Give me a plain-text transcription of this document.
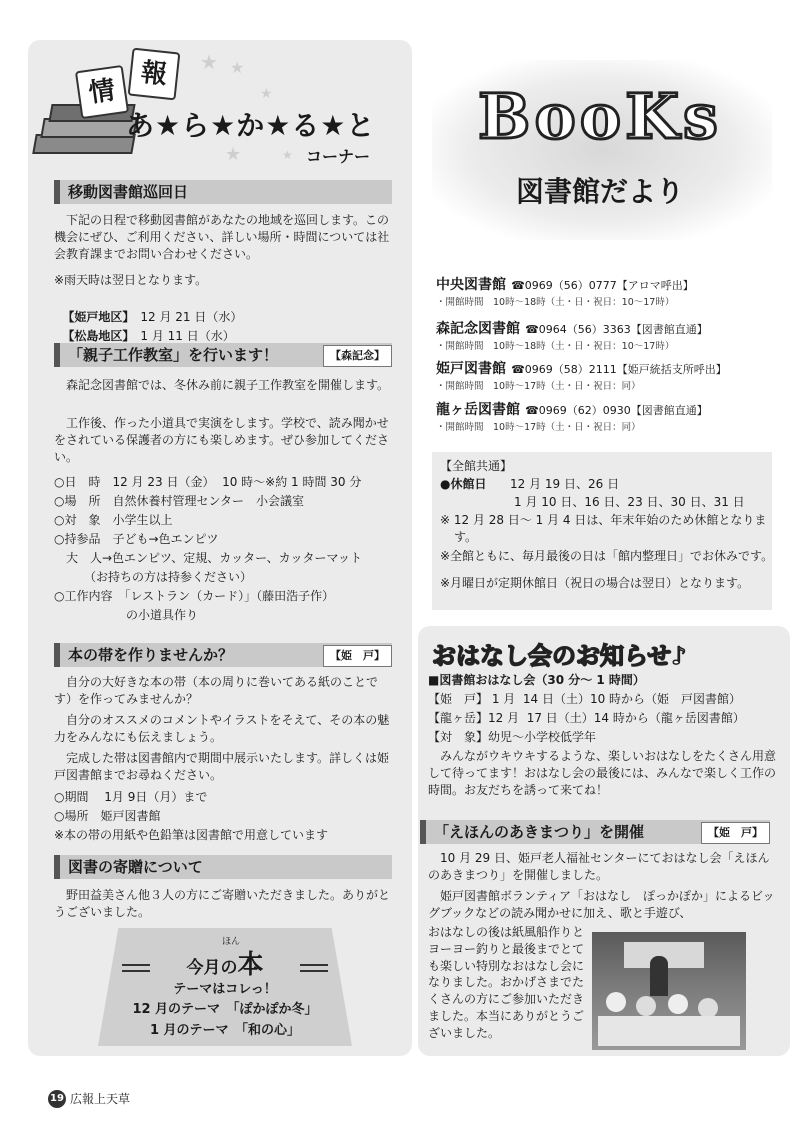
★ ★
★
★	★
情
報
あ★ら★か★る★と
コーナー
移動図書館巡回日
下記の日程で移動図書館があなたの地域を巡回します。この機会にぜひ、ご利用ください、詳しい場所・時間については社会教育課までお問い合わせください。
※雨天時は翌日となります。

【姫戸地区】　 12 月 21 日（水）

【松島地区】　 1 月 11 日（水）

「親子工作教室」を行います！	【森記念】
森記念図書館では、冬休み前に親子工作教室を開催します。
工作後、作った小道具で実演をします。学校で、読み聞かせをされている保護者の方にも楽しめます。ぜひ参加してください。
○日　時　12 月 23 日（金）  10 時〜※約 1 時間 30 分
○場　所　自然休養村管理センター　小会議室
○対　象　小学生以上
○持参品　子ども→色エンピツ
　大　人→色エンピツ、定規、カッター、カッターマット
　　　（お持ちの方は持参ください）
○工作内容　「レストラン（カード）」（藤田浩子作）
　　　　　　の小道具作り
本の帯を作りませんか？	【姫　戸】
自分の大好きな本の帯（本の周りに巻いてある紙のことです）を作ってみませんか？
自分のオススメのコメントやイラストをそえて、その本の魅力をみんなにも伝えましょう。
完成した帯は図書館内で期間中展示いたします。詳しくは姫戸図書館までお尋ねください。
○期間　 1月 9日（月）まで
○場所　姫戸図書館
※本の帯の用紙や色鉛筆は図書館で用意しています
図書の寄贈について
野田益美さん他３人の方にご寄贈いただきました。ありがとうございました。
ほん
今月の本
テーマはコレっ！
12 月のテーマ　「ぽかぽか冬」
1 月のテーマ　「和の心」
BooKs
図書館だより
中央図書館 ☎0969（56）0777【アロマ呼出】
・開館時間　10時〜18時（土・日・祝日：10〜17時）
森記念図書館 ☎0964（56）3363【図書館直通】
・開館時間　10時〜18時（土・日・祝日：10〜17時）
姫戸図書館 ☎0969（58）2111【姫戸統括支所呼出】
・開館時間　10時〜17時（土・日・祝日：同）
龍ヶ岳図書館 ☎0969（62）0930【図書館直通】
・開館時間　10時〜17時（土・日・祝日：同）
【全館共通】
●休館日 12 月 19 日、26 日
1 月 10 日、16 日、23 日、30 日、31 日
※ 12 月 28 日〜 1 月 4 日は、年末年始のため休館となります。
※全館ともに、毎月最後の日は「館内整理日」でお休みです。
※月曜日が定期休館日（祝日の場合は翌日）となります。
おはなし会のお知らせ♪
■図書館おはなし会（30 分〜 1 時間）
【姫　戸】 1 月  14 日（土）10 時から（姫　戸図書館）
【龍ヶ岳】12 月  17 日（土）14 時から（龍ヶ岳図書館）
【対　象】幼児〜小学校低学年
みんながウキウキするような、楽しいおはなしをたくさん用意して待ってます！おはなし会の最後には、みんなで楽しく工作の時間。お友だちを誘って来てね！
「えほんのあきまつり」を開催	【姫　戸】
10 月 29 日、姫戸老人福祉センターにておはなし会「えほんのあきまつり」を開催しました。
姫戸図書館ボランティア「おはなし　ぽっかぽか」によるビッグブックなどの読み聞かせに加え、歌と手遊び、
おはなしの後は紙風船作りとヨーヨー釣りと最後までとても楽しい特別なおはなし会になりました。おかげさまでたくさんの方にご参加いただきました。本当にありがとうございました。
19 広報上天草
